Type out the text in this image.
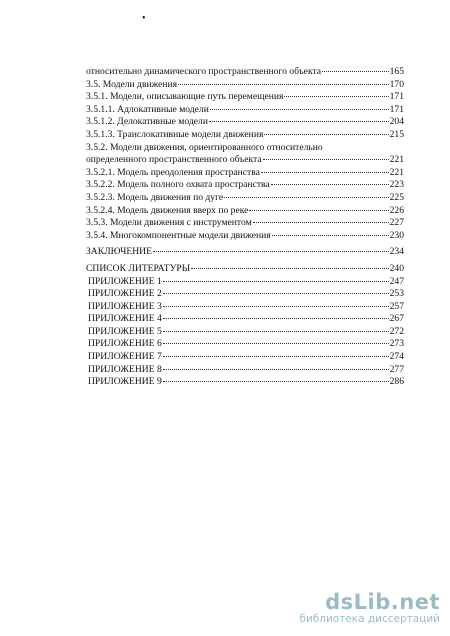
•
относительно динамического пространственного объекта	165
3.5. Модели движения	170
3.5.1. Модели, описывающие путь перемещения	171
3.5.1.1. Адлокативные модели	171
3.5.1.2. Делокативные модели	204
3.5.1.3. Транслокативные модели движения	215
3.5.2. Модели движения, ориентированного относительно
определенного пространственного объекта	221
3.5.2.1. Модель преодоления пространства	221
3.5.2.2. Модель полного охвата пространства	223
3.5.2.3. Модель движения по дуге	225
3.5.2.4. Модель движения вверх по реке	226
3.5.3. Модели движения с инструментом	227
3.5.4. Многокомпонентные модели движения	230
ЗАКЛЮЧЕНИЕ	234
СПИСОК ЛИТЕРАТУРЫ	240
ПРИЛОЖЕНИЕ 1	247
ПРИЛОЖЕНИЕ 2	253
ПРИЛОЖЕНИЕ 3	257
ПРИЛОЖЕНИЕ 4	267
ПРИЛОЖЕНИЕ 5	272
ПРИЛОЖЕНИЕ 6	273
ПРИЛОЖЕНИЕ 7	274
ПРИЛОЖЕНИЕ 8	277
ПРИЛОЖЕНИЕ 9	286
dsLib.net
библиотека диссертаций
